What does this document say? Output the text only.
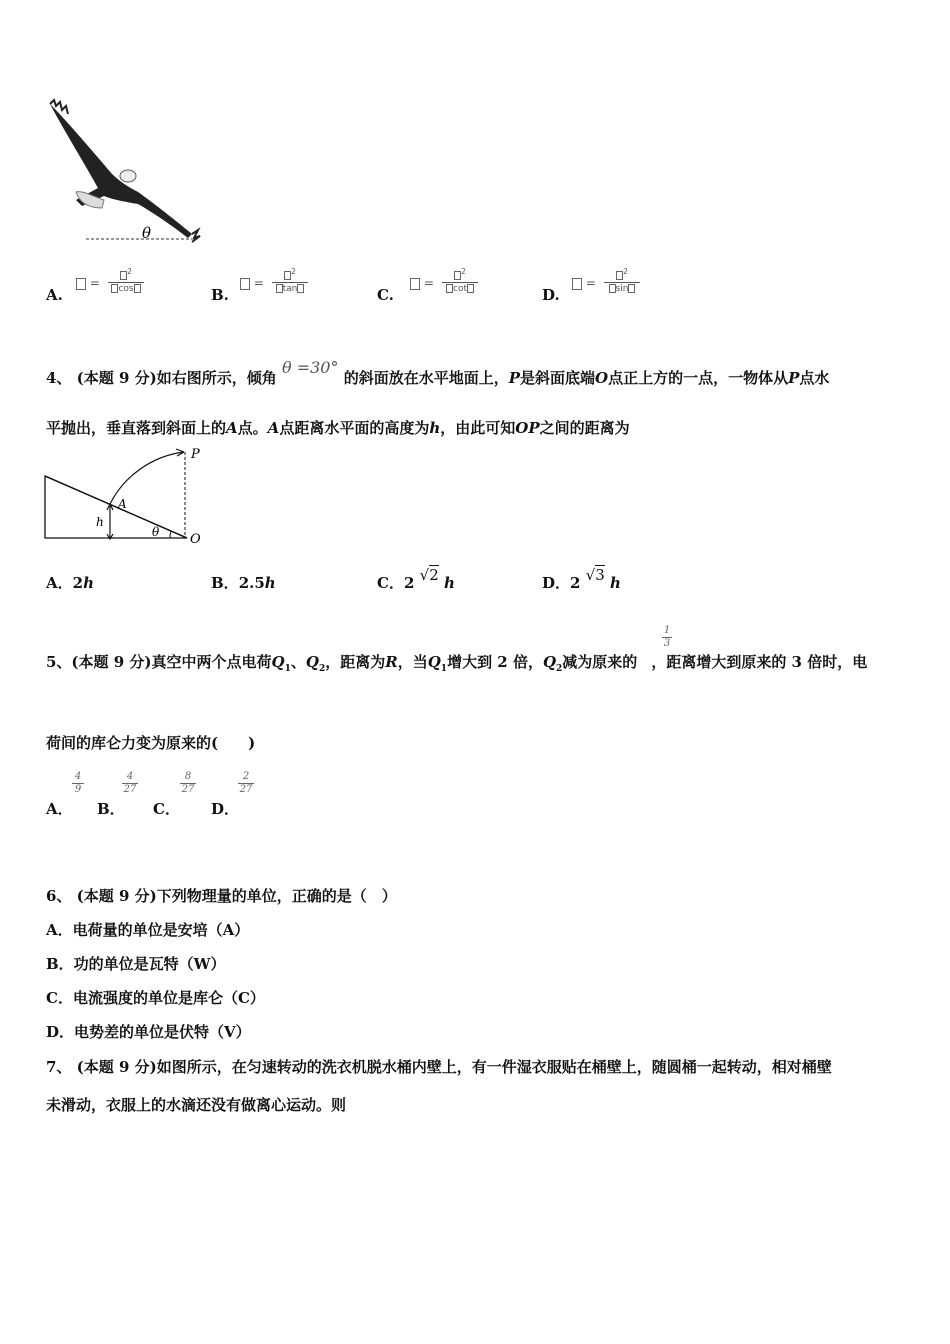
θ
A.
=
$^2$
cos	B.
=
$^2$
tan	C.
=
$^2$
cot	D.
=
$^2$
sin
4、 (本题 9 分)如右图所示，倾角 θ =30° 的斜面放在水平地面上，P是斜面底端O点正上方的一点，一物体从P点水
平抛出，垂直落到斜面上的A点。A点距离水平面的高度为h，由此可知OP之间的距离为
P
A
h
θ O
A．2h	B．2.5h	C．2 √2 h	D．2 √3 h
5、(本题 9 分)真空中两个点电荷$Q_1$、$Q_2$，距离为R，当$Q_1$增大到 2 倍，$Q_2$减为原来的 ，距离增大到原来的 3 倍时，电
1
3
荷间的库仑力变为原来的(　　)
A．
4
9
B．
4
27
C．
8
27
D．
2
27
6、 (本题 9 分)下列物理量的单位，正确的是（　）
A．电荷量的单位是安培（A）
B．功的单位是瓦特（W）
C．电流强度的单位是库仑（C）
D．电势差的单位是伏特（V）
7、 (本题 9 分)如图所示，在匀速转动的洗衣机脱水桶内壁上，有一件湿衣服贴在桶壁上，随圆桶一起转动，相对桶壁
未滑动，衣服上的水滴还没有做离心运动。则
